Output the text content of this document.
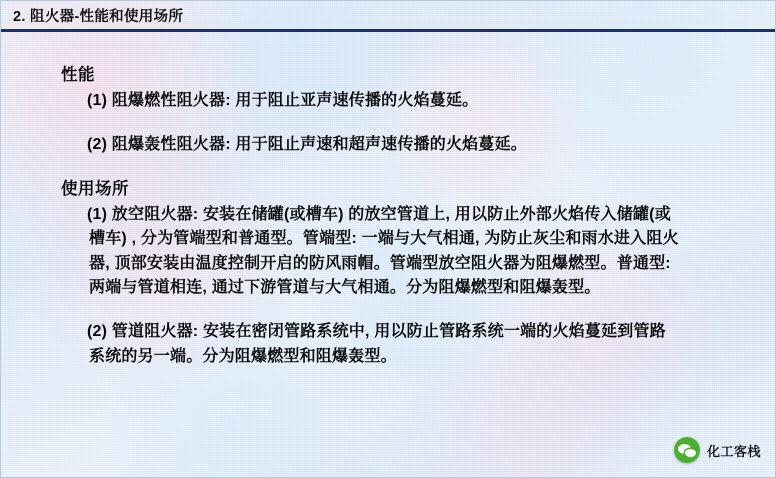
2. 阻火器-性能和使用场所
性能
(1) 阻爆燃性阻火器: 用于阻止亚声速传播的火焰蔓延。
(2) 阻爆轰性阻火器: 用于阻止声速和超声速传播的火焰蔓延。
使用场所
(1) 放空阻火器: 安装在储罐(或槽车) 的放空管道上, 用以防止外部火焰传入储罐(或槽车) , 分为管端型和普通型。管端型: 一端与大气相通, 为防止灰尘和雨水进入阻火器, 顶部安装由温度控制开启的防风雨帽。管端型放空阻火器为阻爆燃型。普通型: 两端与管道相连, 通过下游管道与大气相通。分为阻爆燃型和阻爆轰型。
(2) 管道阻火器: 安装在密闭管路系统中, 用以防止管路系统一端的火焰蔓延到管路系统的另一端。分为阻爆燃型和阻爆轰型。
化工客栈
